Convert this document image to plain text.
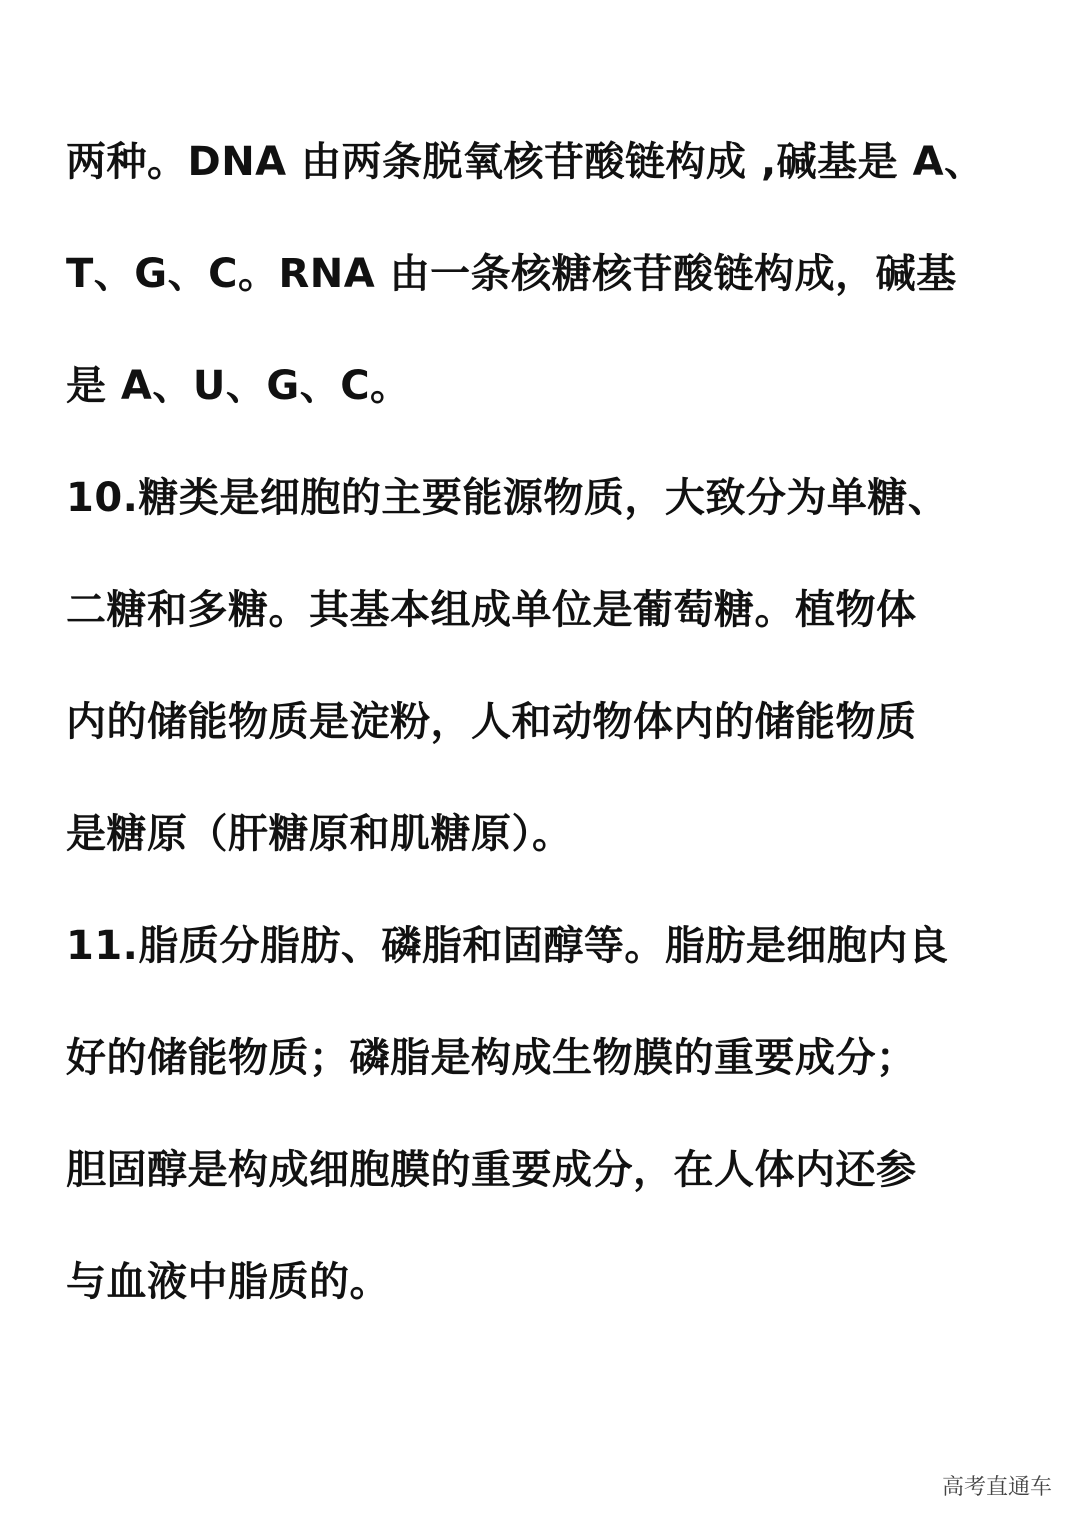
两种。DNA 由两条脱氧核苷酸链构成 ,碱基是 A、
T、G、C。RNA 由一条核糖核苷酸链构成，碱基
是 A、U、G、C。
10.糖类是细胞的主要能源物质，大致分为单糖、
二糖和多糖。其基本组成单位是葡萄糖。植物体
内的储能物质是淀粉，人和动物体内的储能物质
是糖原（肝糖原和肌糖原）。
11.脂质分脂肪、磷脂和固醇等。脂肪是细胞内良
好的储能物质；磷脂是构成生物膜的重要成分；
胆固醇是构成细胞膜的重要成分，在人体内还参
与血液中脂质的。
高考直通车
